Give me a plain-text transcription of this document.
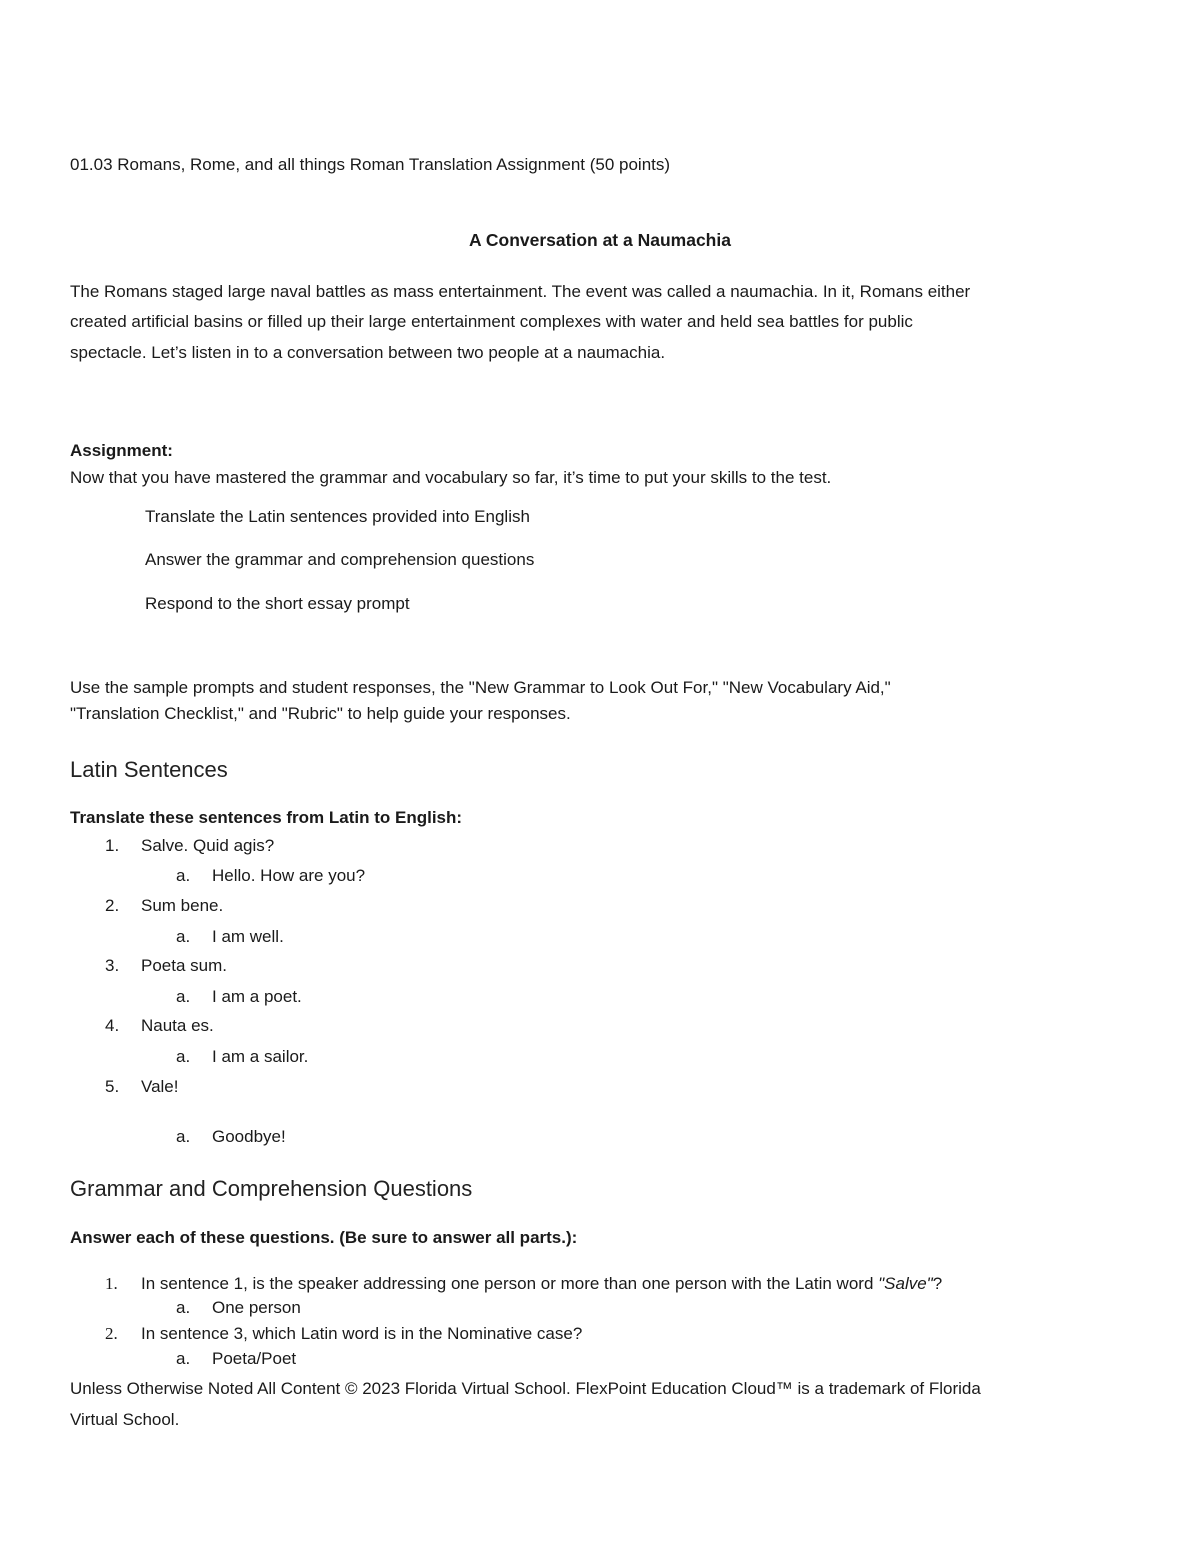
01.03 Romans, Rome, and all things Roman Translation Assignment (50 points)
A Conversation at a Naumachia
The Romans staged large naval battles as mass entertainment. The event was called a naumachia. In it, Romans either
created artificial basins or filled up their large entertainment complexes with water and held sea battles for public
spectacle. Let’s listen in to a conversation between two people at a naumachia.
Assignment:
Now that you have mastered the grammar and vocabulary so far, it’s time to put your skills to the test.
Translate the Latin sentences provided into English
Answer the grammar and comprehension questions
Respond to the short essay prompt
Use the sample prompts and student responses, the "New Grammar to Look Out For," "New Vocabulary Aid,"
"Translation Checklist," and "Rubric" to help guide your responses.
Latin Sentences
Translate these sentences from Latin to English:
1. Salve. Quid agis?
a. Hello. How are you?
2. Sum bene.
a. I am well.
3. Poeta sum.
a. I am a poet.
4. Nauta es.
a. I am a sailor.
5. Vale!
a. Goodbye!
Grammar and Comprehension Questions
Answer each of these questions. (Be sure to answer all parts.):
1. In sentence 1, is the speaker addressing one person or more than one person with the Latin word "Salve"?
a. One person
2. In sentence 3, which Latin word is in the Nominative case?
a. Poeta/Poet
Unless Otherwise Noted All Content © 2023 Florida Virtual School. FlexPoint Education Cloud™ is a trademark of Florida
Virtual School.
